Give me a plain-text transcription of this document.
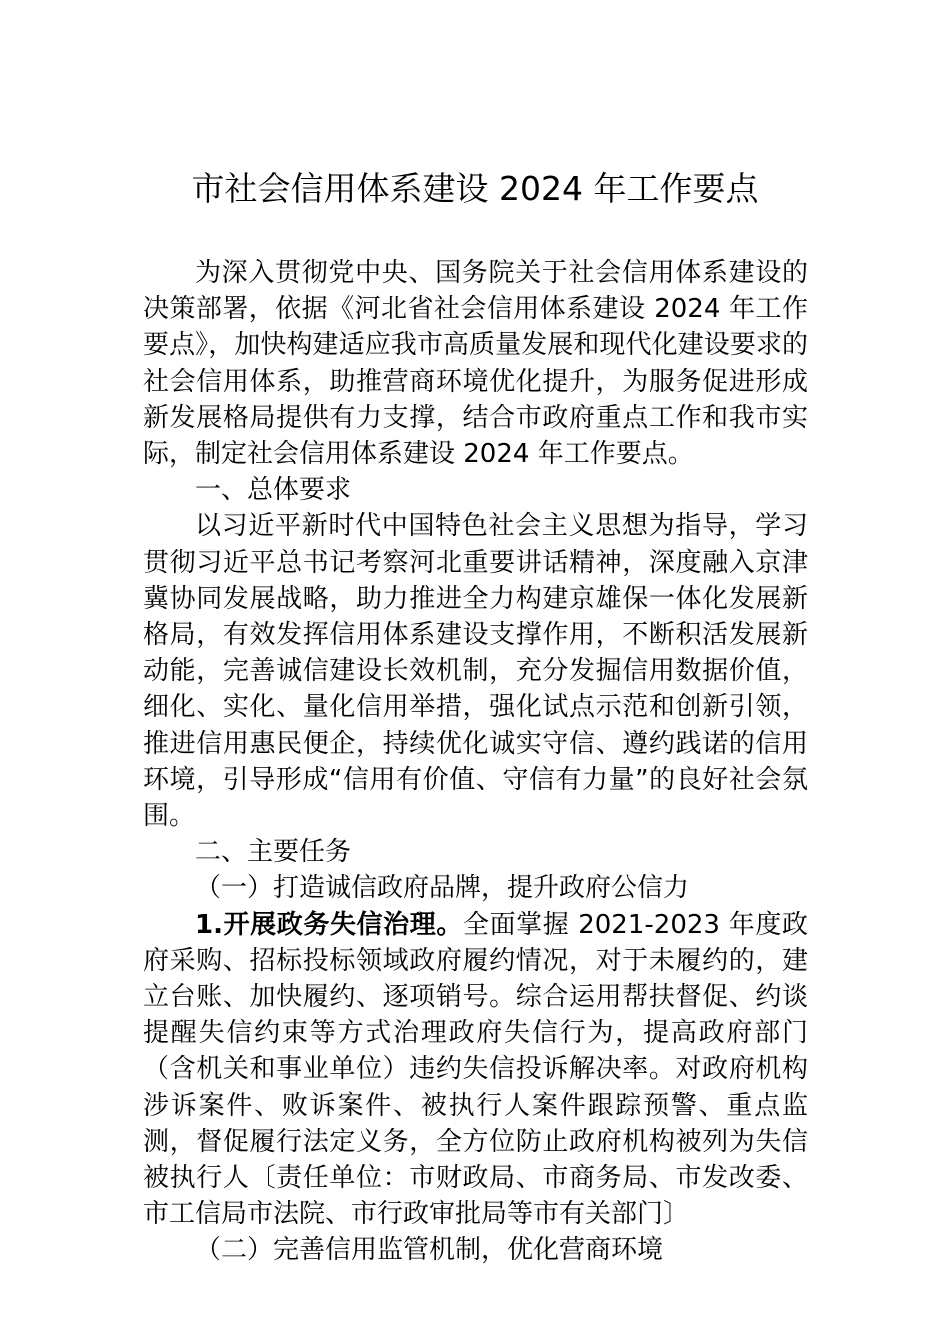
市社会信用体系建设 2024 年工作要点

为深入贯彻党中央、国务院关于社会信用体系建设的决策部署，依据《河北省社会信用体系建设 2024 年工作要点》，加快构建适应我市高质量发展和现代化建设要求的社会信用体系，助推营商环境优化提升，为服务促进形成新发展格局提供有力支撑，结合市政府重点工作和我市实际，制定社会信用体系建设 2024 年工作要点。

一、总体要求

以习近平新时代中国特色社会主义思想为指导，学习贯彻习近平总书记考察河北重要讲话精神，深度融入京津冀协同发展战略，助力推进全力构建京雄保一体化发展新格局，有效发挥信用体系建设支撑作用，不断积活发展新动能，完善诚信建设长效机制，充分发掘信用数据价值，细化、实化、量化信用举措，强化试点示范和创新引领，推进信用惠民便企，持续优化诚实守信、遵约践诺的信用环境，引导形成“信用有价值、守信有力量”的良好社会氛围。

二、主要任务

（一）打造诚信政府品牌，提升政府公信力

1.开展政务失信治理。全面掌握 2021-2023 年度政府采购、招标投标领域政府履约情况，对于未履约的，建立台账、加快履约、逐项销号。综合运用帮扶督促、约谈提醒失信约束等方式治理政府失信行为，提高政府部门（含机关和事业单位）违约失信投诉解决率。对政府机构涉诉案件、败诉案件、被执行人案件跟踪预警、重点监测，督促履行法定义务，全方位防止政府机构被列为失信被执行人〔责任单位：市财政局、市商务局、市发改委、市工信局市法院、市行政审批局等市有关部门〕

（二）完善信用监管机制，优化营商环境
